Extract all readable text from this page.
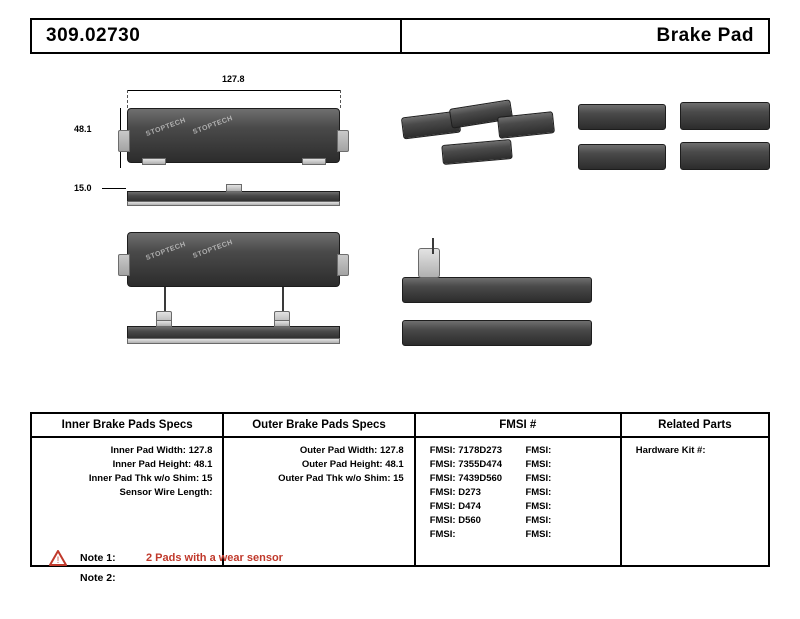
309.02730	Brake Pad
127.8
48.1	STOPTECH STOPTECH
15.0
STOPTECH STOPTECH
Inner Brake Pads Specs	Outer Brake Pads Specs	FMSI #	Related Parts

Inner Pad Width: 127.8
Inner Pad Height: 48.1
Inner Pad Thk w/o Shim: 15
Sensor Wire Length:

Outer Pad Width: 127.8
Outer Pad Height: 48.1
Outer Pad Thk w/o Shim: 15

FMSI: 7178D273	FMSI:
FMSI: 7355D474	FMSI:
FMSI: 7439D560	FMSI:
FMSI: D273	FMSI:
FMSI: D474	FMSI:
FMSI: D560	FMSI:
FMSI:	FMSI:

Hardware Kit #:
! Note 1:	2 Pads with a wear sensor
Note 2:
